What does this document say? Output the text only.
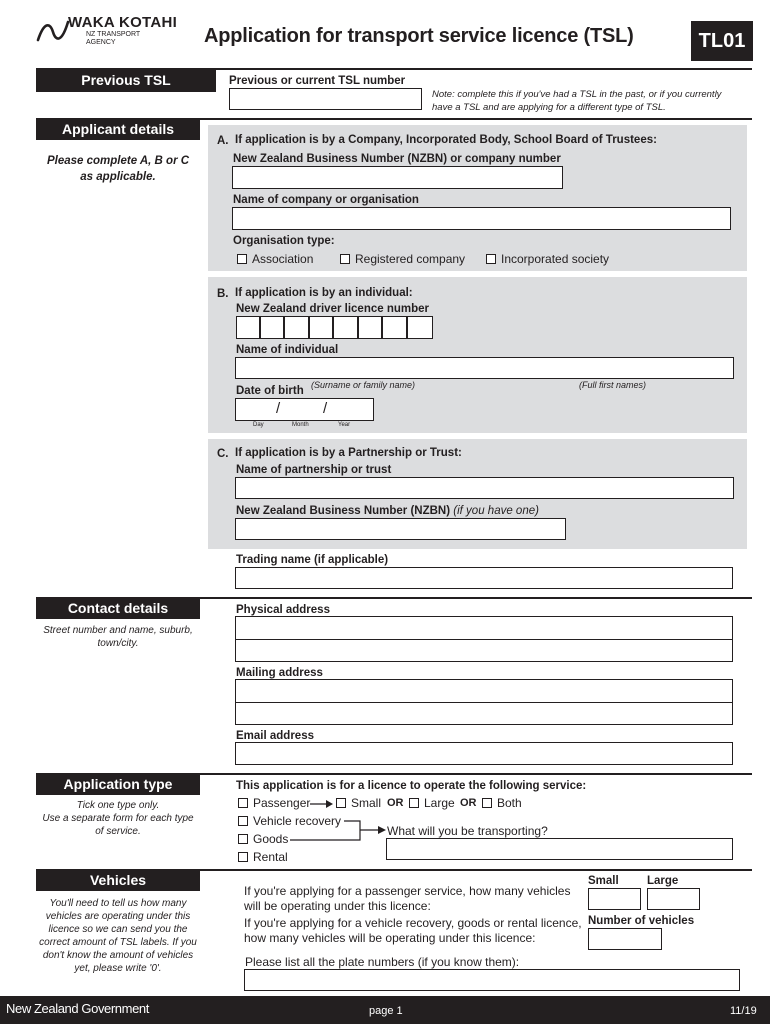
WAKA KOTAHI
NZ TRANSPORT
AGENCY	Application for transport service licence (TSL)	TL01
Previous TSL	Previous or current TSL number
Note: complete this if you've had a TSL in the past, or if you currently
have a TSL and are applying for a different type of TSL.
Applicant details
Please complete A, B or C
as applicable.
A. If application is by a Company, Incorporated Body, School Board of Trustees:
New Zealand Business Number (NZBN) or company number
Name of company or organisation
Organisation type:
Association	Registered company	Incorporated society
B. If application is by an individual:
New Zealand driver licence number
Name of individual
(Surname or family name)	(Full first names)
Date of birth
/	/
Day	Month	Year
C. If application is by a Partnership or Trust:
Name of partnership or trust
New Zealand Business Number (NZBN) (if you have one)
Trading name (if applicable)
Contact details
Street number and name, suburb,
town/city.
Physical address
Mailing address
Email address
Application type
Tick one type only.
Use a separate form for each type
of service.
This application is for a licence to operate the following service:
Passenger	Small OR	Large OR	Both
Vehicle recovery
Goods
Rental
What will you be transporting?
Vehicles
You'll need to tell us how many
vehicles are operating under this
licence so we can send you the
correct amount of TSL labels. If you
don't know the amount of vehicles
yet, please write '0'.
If you're applying for a passenger service, how many vehicles
will be operating under this licence:
If you're applying for a vehicle recovery, goods or rental licence,
how many vehicles will be operating under this licence:
Small Large
Number of vehicles
Please list all the plate numbers (if you know them):
New Zealand Government	page 1	11/19
